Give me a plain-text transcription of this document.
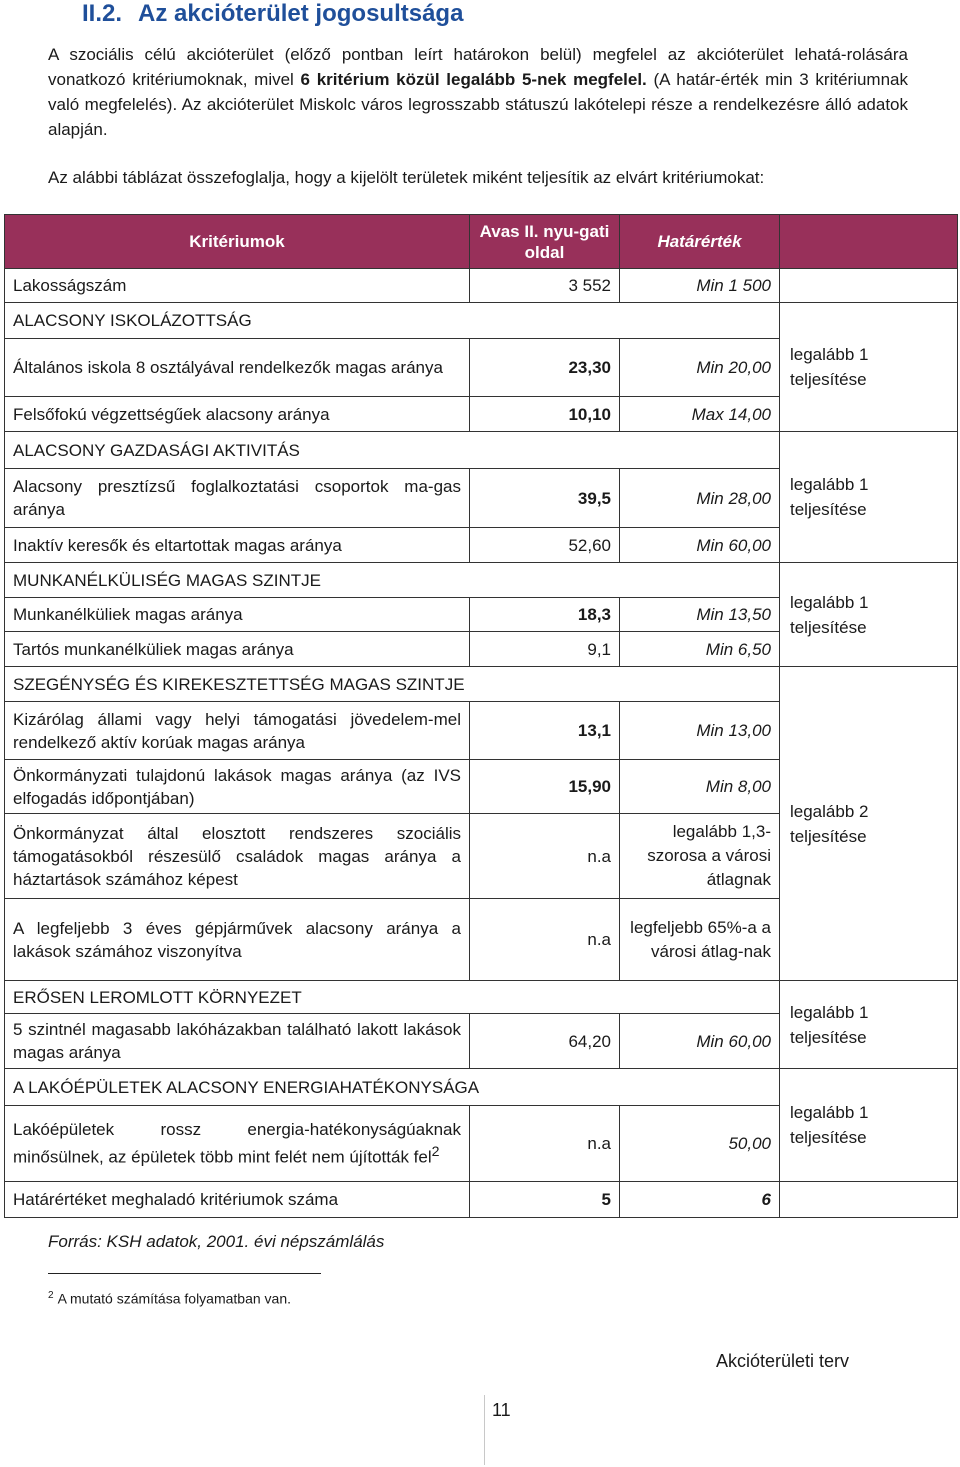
II.2. Az akcióterület jogosultsága
A szociális célú akcióterület (előző pontban leírt határokon belül) megfelel az akcióterület lehatá-rolására vonatkozó kritériumoknak, mivel 6 kritérium közül legalább 5-nek megfelel. (A határ-érték min 3 kritériumnak való megfelelés). Az akcióterület Miskolc város legrosszabb státuszú lakótelepi része a rendelkezésre álló adatok alapján.
Az alábbi táblázat összefoglalja, hogy a kijelölt területek miként teljesítik az elvárt kritériumokat:
Kritériumok	Avas II. nyu-gati oldal	Határérték	
Lakosságszám	3 552	Min 1 500	
ALACSONY ISKOLÁZOTTSÁG			legalább 1 teljesítése
Általános iskola 8 osztályával rendelkezők magas aránya	23,30	Min 20,00	
Felsőfokú végzettségűek alacsony aránya	10,10	Max 14,00	
ALACSONY GAZDASÁGI AKTIVITÁS			legalább 1 teljesítése
Alacsony presztízsű foglalkoztatási csoportok ma-gas aránya	39,5	Min 28,00	
Inaktív keresők és eltartottak magas aránya	52,60	Min 60,00	
MUNKANÉLKÜLISÉG MAGAS SZINTJE			legalább 1 teljesítése
Munkanélküliek magas aránya	18,3	Min 13,50	
Tartós munkanélküliek magas aránya	9,1	Min 6,50	
SZEGÉNYSÉG ÉS KIREKESZTETTSÉG MAGAS SZINTJE			legalább 2 teljesítése
Kizárólag állami vagy helyi támogatási jövedelem-mel rendelkező aktív korúak magas aránya	13,1	Min 13,00	
Önkormányzati tulajdonú lakások magas aránya (az IVS elfogadás időpontjában)	15,90	Min 8,00	
Önkormányzat által elosztott rendszeres szociális támogatásokból részesülő családok magas aránya a háztartások számához képest	n.a	legalább 1,3-szorosa a városi átlagnak	
A legfeljebb 3 éves gépjárművek alacsony aránya a lakások számához viszonyítva	n.a	legfeljebb 65%-a a városi átlag-nak	
ERŐSEN LEROMLOTT KÖRNYEZET			legalább 1 teljesítése
5 szintnél magasabb lakóházakban található lakott lakások magas aránya	64,20	Min 60,00	
A LAKÓÉPÜLETEK ALACSONY ENERGIAHATÉKONYSÁGA			legalább 1 teljesítése
Lakóépületek rossz energia-hatékonyságúaknak minősülnek, az épületek több mint felét nem újították fel$^2$	n.a	50,00	
Határértéket meghaladó kritériumok száma	5	6	
Forrás: KSH adatok, 2001. évi népszámlálás
$^2$ A mutató számítása folyamatban van.
Akcióterületi terv
11
